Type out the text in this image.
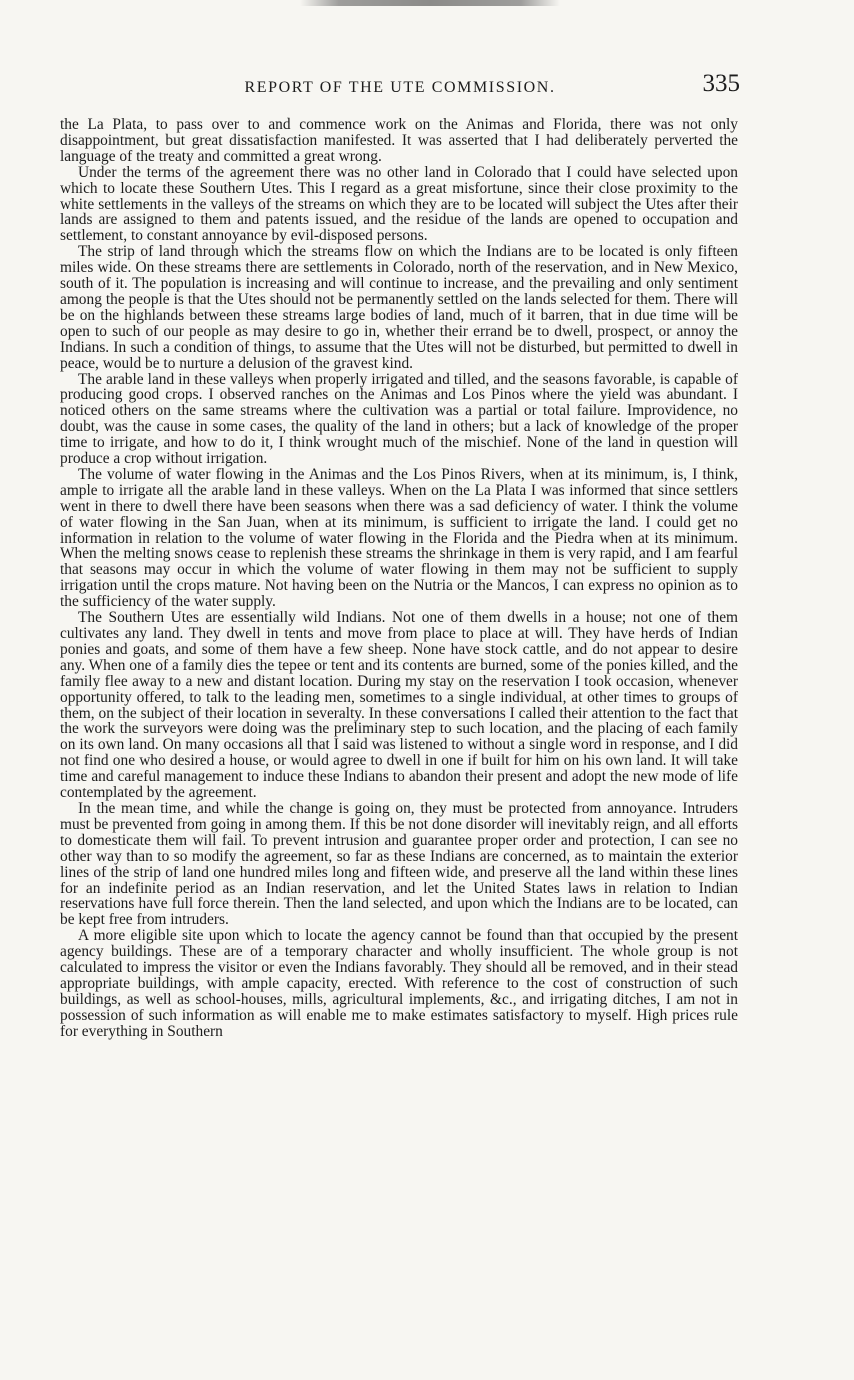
REPORT OF THE UTE COMMISSION.	335

the La Plata, to pass over to and commence work on the Animas and Florida, there was not only disappointment, but great dissatisfaction manifested. It was asserted that I had deliberately perverted the language of the treaty and committed a great wrong.

Under the terms of the agreement there was no other land in Colorado that I could have selected upon which to locate these Southern Utes. This I regard as a great misfortune, since their close proximity to the white settlements in the valleys of the streams on which they are to be located will subject the Utes after their lands are assigned to them and patents issued, and the residue of the lands are opened to occupation and settlement, to constant annoyance by evil-disposed persons.

The strip of land through which the streams flow on which the Indians are to be located is only fifteen miles wide. On these streams there are settlements in Colorado, north of the reservation, and in New Mexico, south of it. The population is increasing and will continue to increase, and the prevailing and only sentiment among the people is that the Utes should not be permanently settled on the lands selected for them. There will be on the highlands between these streams large bodies of land, much of it barren, that in due time will be open to such of our people as may desire to go in, whether their errand be to dwell, prospect, or annoy the Indians. In such a condition of things, to assume that the Utes will not be disturbed, but permitted to dwell in peace, would be to nurture a delusion of the gravest kind.

The arable land in these valleys when properly irrigated and tilled, and the seasons favorable, is capable of producing good crops. I observed ranches on the Animas and Los Pinos where the yield was abundant. I noticed others on the same streams where the cultivation was a partial or total failure. Improvidence, no doubt, was the cause in some cases, the quality of the land in others; but a lack of knowledge of the proper time to irrigate, and how to do it, I think wrought much of the mischief. None of the land in question will produce a crop without irrigation.

The volume of water flowing in the Animas and the Los Pinos Rivers, when at its minimum, is, I think, ample to irrigate all the arable land in these valleys. When on the La Plata I was informed that since settlers went in there to dwell there have been seasons when there was a sad deficiency of water. I think the volume of water flowing in the San Juan, when at its minimum, is sufficient to irrigate the land. I could get no information in relation to the volume of water flowing in the Florida and the Piedra when at its minimum. When the melting snows cease to replenish these streams the shrinkage in them is very rapid, and I am fearful that seasons may occur in which the volume of water flowing in them may not be sufficient to supply irrigation until the crops mature. Not having been on the Nutria or the Mancos, I can express no opinion as to the sufficiency of the water supply.

The Southern Utes are essentially wild Indians. Not one of them dwells in a house; not one of them cultivates any land. They dwell in tents and move from place to place at will. They have herds of Indian ponies and goats, and some of them have a few sheep. None have stock cattle, and do not appear to desire any. When one of a family dies the tepee or tent and its contents are burned, some of the ponies killed, and the family flee away to a new and distant location. During my stay on the reservation I took occasion, whenever opportunity offered, to talk to the leading men, sometimes to a single individual, at other times to groups of them, on the subject of their location in severalty. In these conversations I called their attention to the fact that the work the surveyors were doing was the preliminary step to such location, and the placing of each family on its own land. On many occasions all that I said was listened to without a single word in response, and I did not find one who desired a house, or would agree to dwell in one if built for him on his own land. It will take time and careful management to induce these Indians to abandon their present and adopt the new mode of life contemplated by the agreement.

In the mean time, and while the change is going on, they must be protected from annoyance. Intruders must be prevented from going in among them. If this be not done disorder will inevitably reign, and all efforts to domesticate them will fail. To prevent intrusion and guarantee proper order and protection, I can see no other way than to so modify the agreement, so far as these Indians are concerned, as to maintain the exterior lines of the strip of land one hundred miles long and fifteen wide, and preserve all the land within these lines for an indefinite period as an Indian reservation, and let the United States laws in relation to Indian reservations have full force therein. Then the land selected, and upon which the Indians are to be located, can be kept free from intruders.

A more eligible site upon which to locate the agency cannot be found than that occupied by the present agency buildings. These are of a temporary character and wholly insufficient. The whole group is not calculated to impress the visitor or even the Indians favorably. They should all be removed, and in their stead appropriate buildings, with ample capacity, erected. With reference to the cost of construction of such buildings, as well as school-houses, mills, agricultural implements, &c., and irrigating ditches, I am not in possession of such information as will enable me to make estimates satisfactory to myself. High prices rule for everything in Southern
